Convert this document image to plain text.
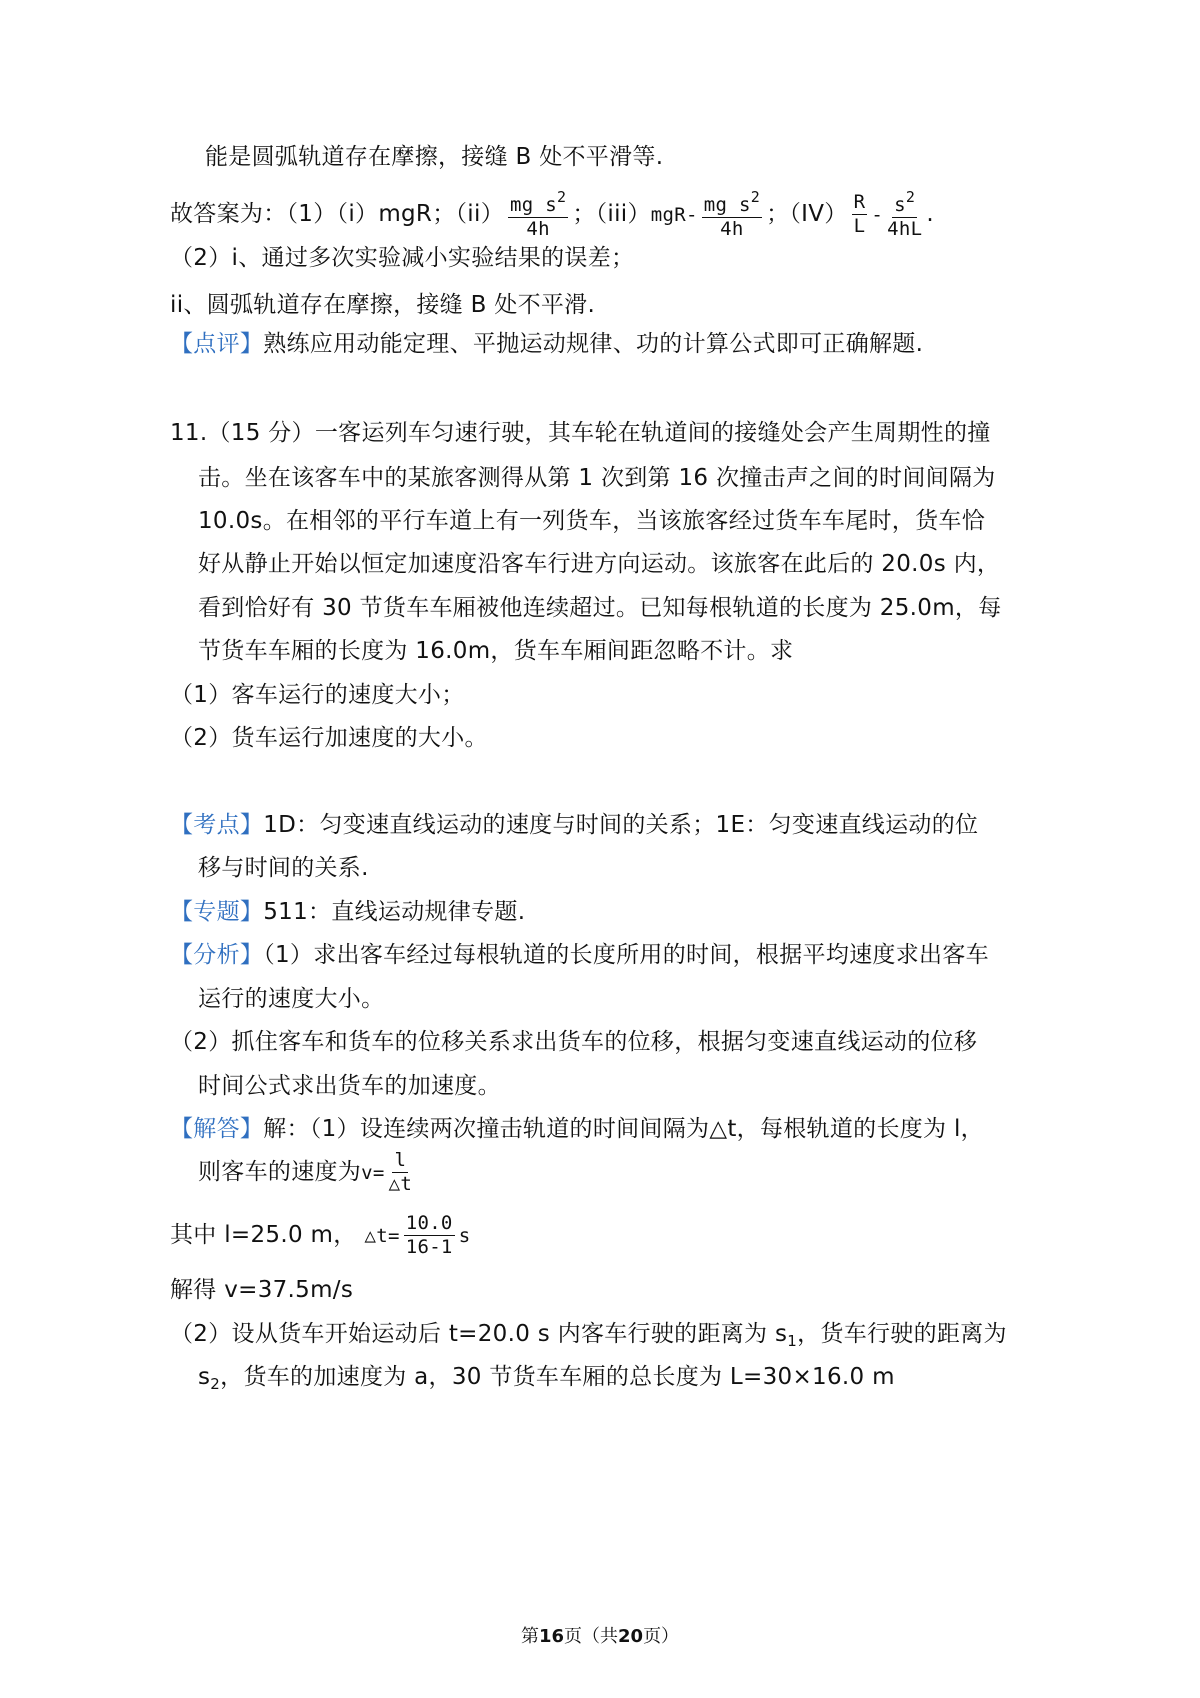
能是圆弧轨道存在摩擦，接缝 B 处不平滑等.
故答案为：（1）（i）mgR；$(ii) \frac{mg s^2}{4h}$ ；$(iii)mgR- \frac{mg s^2}{4h}$ ；$(IV) \frac{R}{L} - \frac{s^2}{4hL}$ .
（2）i、通过多次实验减小实验结果的误差；
ii、圆弧轨道存在摩擦，接缝 B 处不平滑.
【点评】熟练应用动能定理、平抛运动规律、功的计算公式即可正确解题.
11.（15 分）一客运列车匀速行驶，其车轮在轨道间的接缝处会产生周期性的撞
击。坐在该客车中的某旅客测得从第 1 次到第 16 次撞击声之间的时间间隔为
10.0s。在相邻的平行车道上有一列货车，当该旅客经过货车车尾时，货车恰
好从静止开始以恒定加速度沿客车行进方向运动。该旅客在此后的 20.0s 内，
看到恰好有 30 节货车车厢被他连续超过。已知每根轨道的长度为 25.0m，每
节货车车厢的长度为 16.0m，货车车厢间距忽略不计。求
（1）客车运行的速度大小；
（2）货车运行加速度的大小。
【考点】1D：匀变速直线运动的速度与时间的关系；1E：匀变速直线运动的位
移与时间的关系.
【专题】511：直线运动规律专题.
【分析】（1）求出客车经过每根轨道的长度所用的时间，根据平均速度求出客车
运行的速度大小。
（2）抓住客车和货车的位移关系求出货车的位移，根据匀变速直线运动的位移
时间公式求出货车的加速度。
【解答】解：（1）设连续两次撞击轨道的时间间隔为△t，每根轨道的长度为 l，
则客车的速度为$v= \frac{l}{\triangle t}$
其中 l=25.0 m， △t= $\frac{10.0}{16-1}$ s
解得 v=37.5m/s
（2）设从货车开始运动后 t=20.0 s 内客车行驶的距离为 $s_1$，货车行驶的距离为
$s_2$，货车的加速度为 a，30 节货车车厢的总长度为 L=30×16.0 m
第16页（共20页）
